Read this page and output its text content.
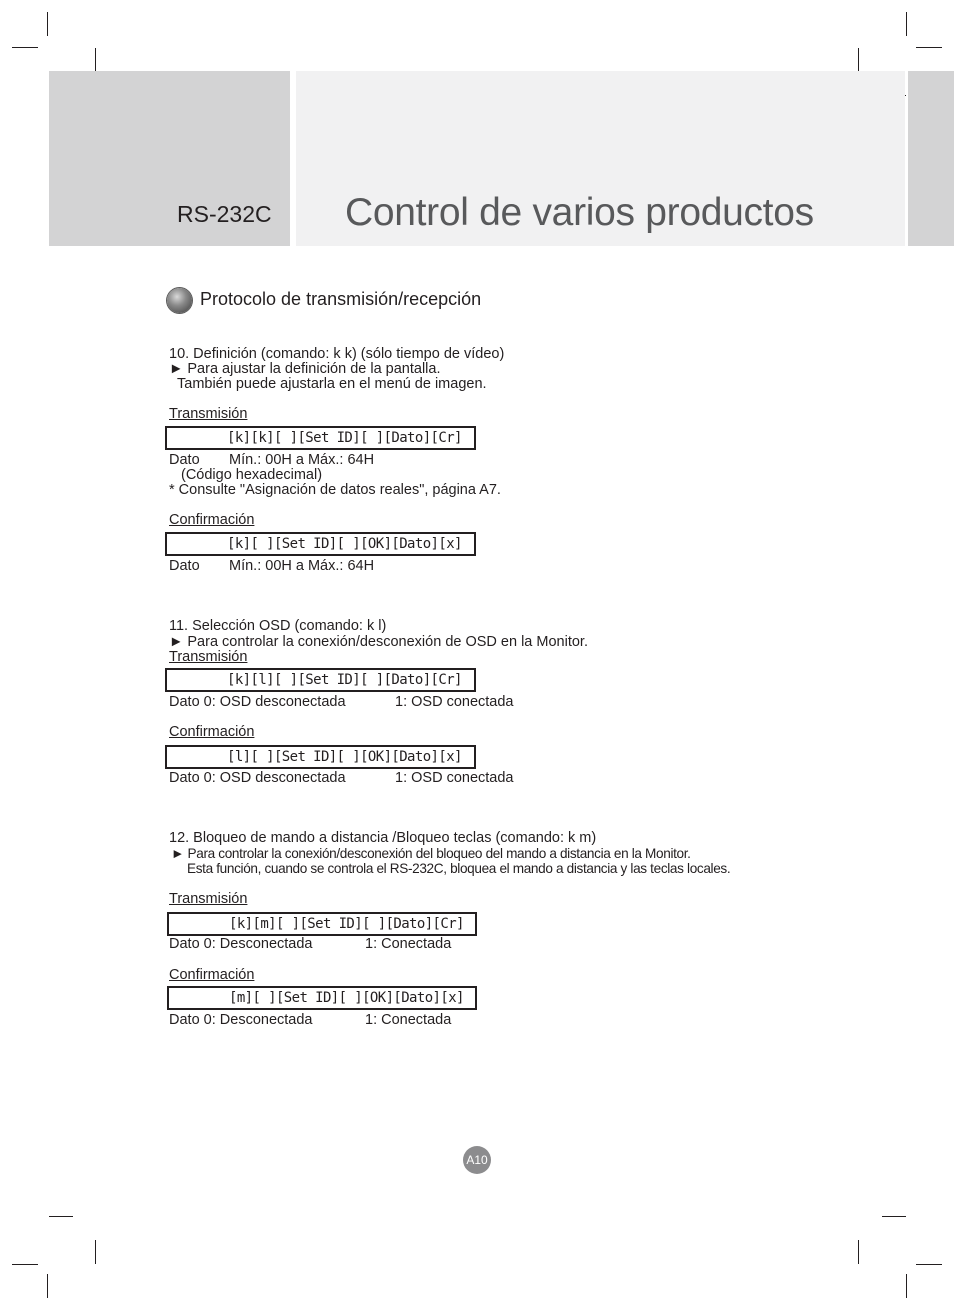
RS-232C Control de varios productos
Protocolo de transmisión/recepción
10. Definición (comando: k k) (sólo tiempo de vídeo)
► Para ajustar la definición de la pantalla.
También puede ajustarla en el menú de imagen.
Transmisión
[k][k][ ][Set ID][ ][Dato][Cr]
Dato Mín.: 00H a Máx.: 64H
(Código hexadecimal)
* Consulte "Asignación de datos reales", página A7.
Confirmación
[k][ ][Set ID][ ][OK][Dato][x]
Dato Mín.: 00H a Máx.: 64H
11. Selección OSD (comando: k l)
► Para controlar la conexión/desconexión de OSD en la Monitor.
Transmisión
[k][l][ ][Set ID][ ][Dato][Cr]
Dato 0: OSD desconectada	1: OSD conectada
Confirmación
[l][ ][Set ID][ ][OK][Dato][x]
Dato 0: OSD desconectada	1: OSD conectada
12. Bloqueo de mando a distancia /Bloqueo teclas (comando: k m)
► Para controlar la conexión/desconexión del bloqueo del mando a distancia en la Monitor.
Esta función, cuando se controla el RS-232C, bloquea el mando a distancia y las teclas locales.
Transmisión
[k][m][ ][Set ID][ ][Dato][Cr]
Dato 0: Desconectada	1: Conectada
Confirmación
[m][ ][Set ID][ ][OK][Dato][x]
Dato 0: Desconectada	1: Conectada
A10
